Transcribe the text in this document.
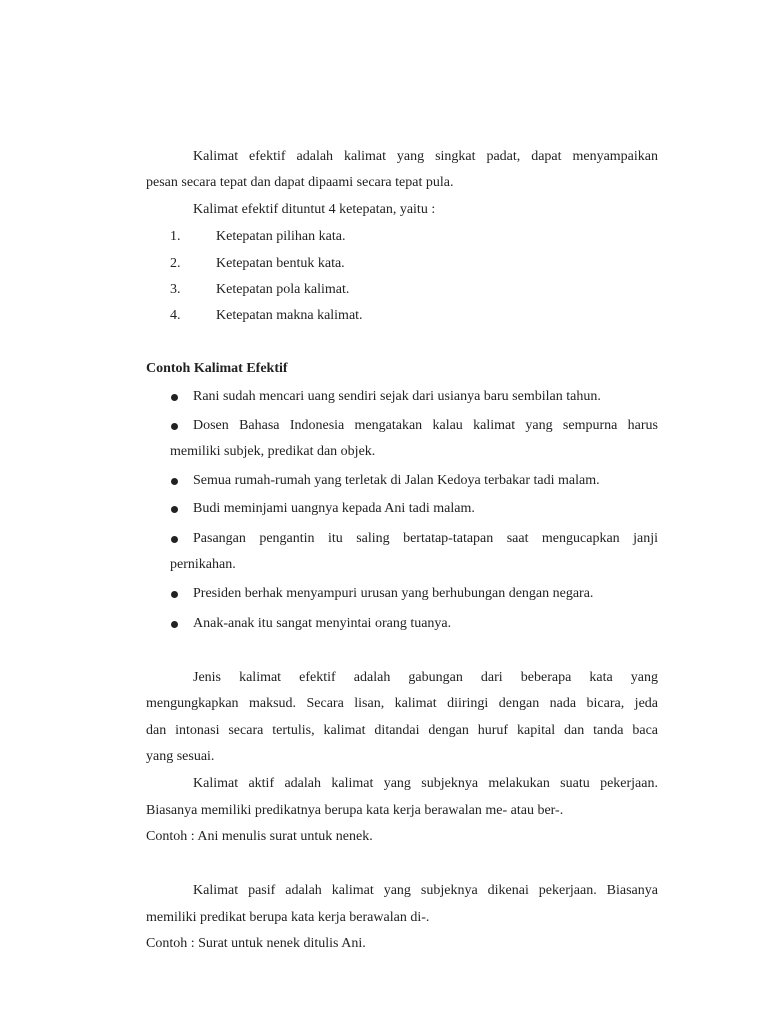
Kalimat efektif adalah kalimat yang singkat padat, dapat menyampaikan
pesan secara tepat dan dapat dipaami secara tepat pula.
Kalimat efektif dituntut 4 ketepatan, yaitu :
1.	Ketepatan pilihan kata.
2.	Ketepatan bentuk kata.
3.	Ketepatan pola kalimat.
4.	Ketepatan makna kalimat.
Contoh Kalimat Efektif
Rani sudah mencari uang sendiri sejak dari usianya baru sembilan tahun.
Dosen Bahasa Indonesia mengatakan kalau kalimat yang sempurna harus
memiliki subjek, predikat dan objek.
Semua rumah-rumah yang terletak di Jalan Kedoya terbakar tadi malam.
Budi meminjami uangnya kepada Ani tadi malam.
Pasangan pengantin itu saling bertatap-tatapan saat mengucapkan janji
pernikahan.
Presiden berhak menyampuri urusan yang berhubungan dengan negara.
Anak-anak itu sangat menyintai orang tuanya.
Jenis kalimat efektif adalah gabungan dari beberapa kata yang
mengungkapkan maksud. Secara lisan, kalimat diiringi dengan nada bicara, jeda
dan intonasi secara tertulis, kalimat ditandai dengan huruf kapital dan tanda baca
yang sesuai.
Kalimat aktif adalah kalimat yang subjeknya melakukan suatu pekerjaan.
Biasanya memiliki predikatnya berupa kata kerja berawalan me- atau ber-.
Contoh : Ani menulis surat untuk nenek.
Kalimat pasif adalah kalimat yang subjeknya dikenai pekerjaan. Biasanya
memiliki predikat berupa kata kerja berawalan di-.
Contoh : Surat untuk nenek ditulis Ani.
